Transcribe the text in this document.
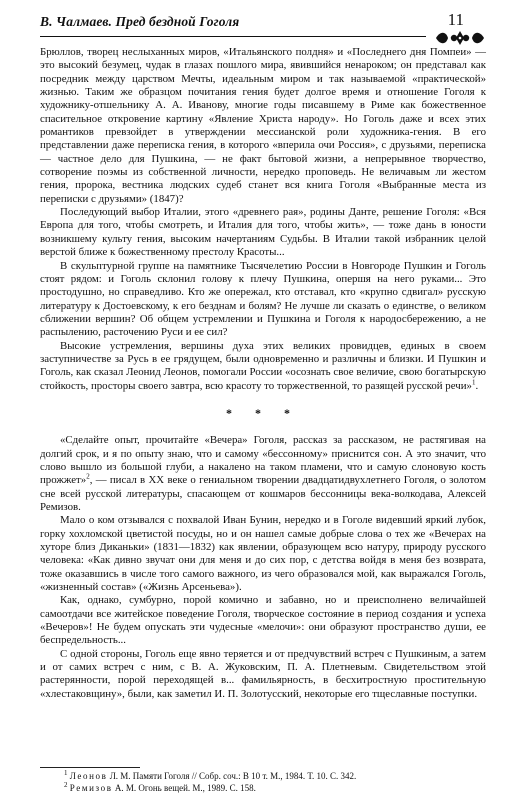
В. Чалмаев. Пред бездной Гоголя	11

Брюллов, творец неслыханных миров, «Итальянского полдня» и «Последнего дня Помпеи» — это высокий безумец, чудак в глазах пошлого мира, явившийся ненароком; он представал как посредник между царством Мечты, идеальным миром и так называемой «практической» жизнью. Таким же образцом почитания гения будет долгое время и отношение Гоголя к художнику-отшельнику А. А. Иванову, многие годы писавшему в Риме как божественное спасительное откровение картину «Явление Христа народу». Но Гоголь даже и всех этих романтиков превзойдет в утверждении мессианской роли художника-гения. В его представлении даже переписка гения, в которого «вперила очи Россия», с друзьями, переписка — частное дело для Пушкина, — не факт бытовой жизни, а непрерывное творчество, сотворение поэмы из собственной личности, нередко проповедь. Не величавым ли жестом гения, пророка, вестника людских судеб станет вся книга Гоголя «Выбранные места из переписки с друзьями» (1847)?

Последующий выбор Италии, этого «древнего рая», родины Данте, решение Гоголя: «Вся Европа для того, чтобы смотреть, и Италия для того, чтобы жить», — тоже дань в юности возникшему культу гения, высоким начертаниям Судьбы. В Италии такой избранник целой верстой ближе к божественному престолу Красоты...

В скульптурной группе на памятнике Тысячелетию России в Новгороде Пушкин и Гоголь стоят рядом: и Гоголь склонил голову к плечу Пушкина, опершя на него руками... Это простодушно, но справедливо. Кто же опережал, кто отставал, кто «крупно сдвигал» русскую литературу к Достоевскому, к его безднам и болям? Не лучше ли сказать о единстве, о великом сближении вершин? Об общем устремлении и Пушкина и Гоголя к народосбережению, а не распылению, расточению Руси и ее сил?

Высокие устремления, вершины духа этих великих провидцев, единых в своем заступничестве за Русь в ее грядущем, были одновременно и различны и близки. И Пушкин и Гоголь, как сказал Леонид Леонов, помогали России «осознать свое величие, свою богатырскую стойкость, просторы своего завтра, всю красоту то торжественной, то разящей русской речи»$^1$.

* * *

«Сделайте опыт, прочитайте «Вечера» Гоголя, рассказ за рассказом, не растягивая на долгий срок, и я по опыту знаю, что и самому «бессонному» приснится сон. А это значит, что слово вышло из большой глуби, а накалено на таком пламени, что и самую слоновую кость прожжет»$^2$, — писал в XX веке о гениальном творении двадцатидвухлетнего Гоголя, о золотом сне всей русской литературы, спасающем от кошмаров бессонницы века-волкодава, Алексей Ремизов.

Мало о ком отзывался с похвалой Иван Бунин, нередко и в Гоголе видевший яркий лубок, горку хохломской цветистой посуды, но и он нашел самые добрые слова о тех же «Вечерах на хуторе близ Диканьки» (1831—1832) как явлении, образующем всю натуру, природу русского человека: «Как дивно звучат они для меня и до сих пор, с детства войдя в меня без возврата, тоже оказавшись в числе того самого важного, из чего образовался мой, как выражался Гоголь, «жизненный состав» («Жизнь Арсеньева»).

Как, однако, сумбурно, порой комично и забавно, но и преисполнено величайшей самоотдачи все житейское поведение Гоголя, творческое состояние в период создания и успеха «Вечеров»! Не будем опускать эти чудесные «мелочи»: они образуют пространство души, ее беспредельность...

С одной стороны, Гоголь еще явно теряется и от предчувствий встреч с Пушкиным, а затем и от самих встреч с ним, с В. А. Жуковским, П. А. Плетневым. Свидетельством этой растерянности, порой переходящей в... фамильярность, в бесхитростную простительную «хлестаковщину», были, как заметил И. П. Золотусский, некоторые его тщеславные поступки.

$^1$ Леонов Л. М. Памяти Гоголя // Собр. соч.: В 10 т. М., 1984. Т. 10. С. 342.
$^2$ Ремизов А. М. Огонь вещей. М., 1989. С. 158.
